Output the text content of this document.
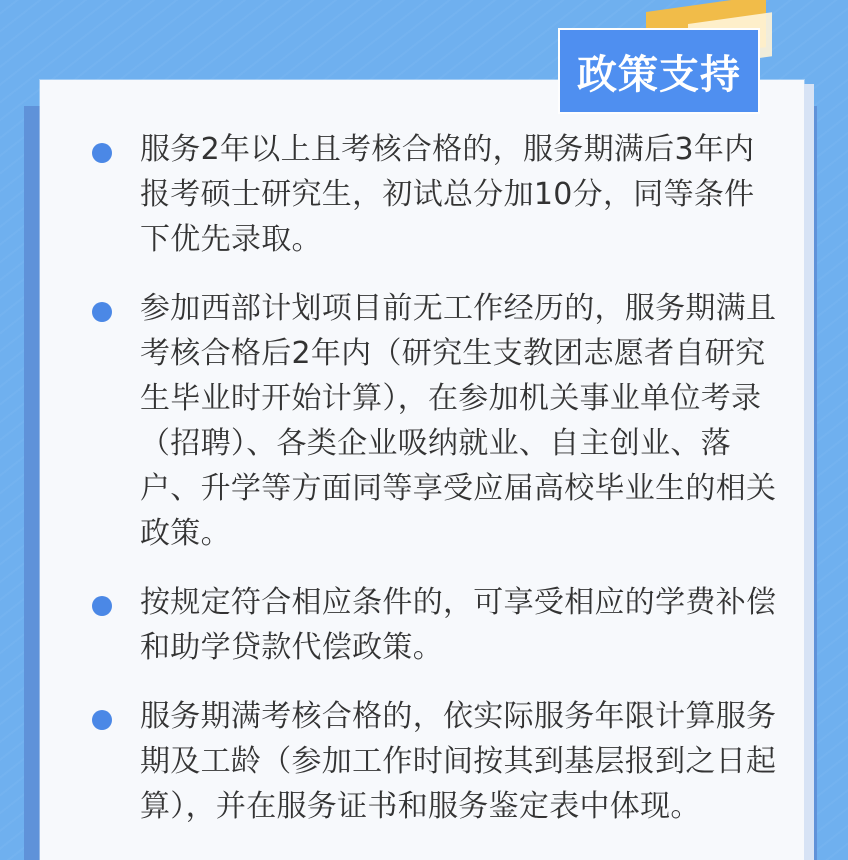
政策支持
服务2年以上且考核合格的，服务期满后3年内报考硕士研究生，初试总分加10分，同等条件下优先录取。
参加西部计划项目前无工作经历的，服务期满且考核合格后2年内（研究生支教团志愿者自研究生毕业时开始计算），在参加机关事业单位考录（招聘）、各类企业吸纳就业、自主创业、落户、升学等方面同等享受应届高校毕业生的相关政策。
按规定符合相应条件的，可享受相应的学费补偿和助学贷款代偿政策。
服务期满考核合格的，依实际服务年限计算服务期及工龄（参加工作时间按其到基层报到之日起算），并在服务证书和服务鉴定表中体现。
